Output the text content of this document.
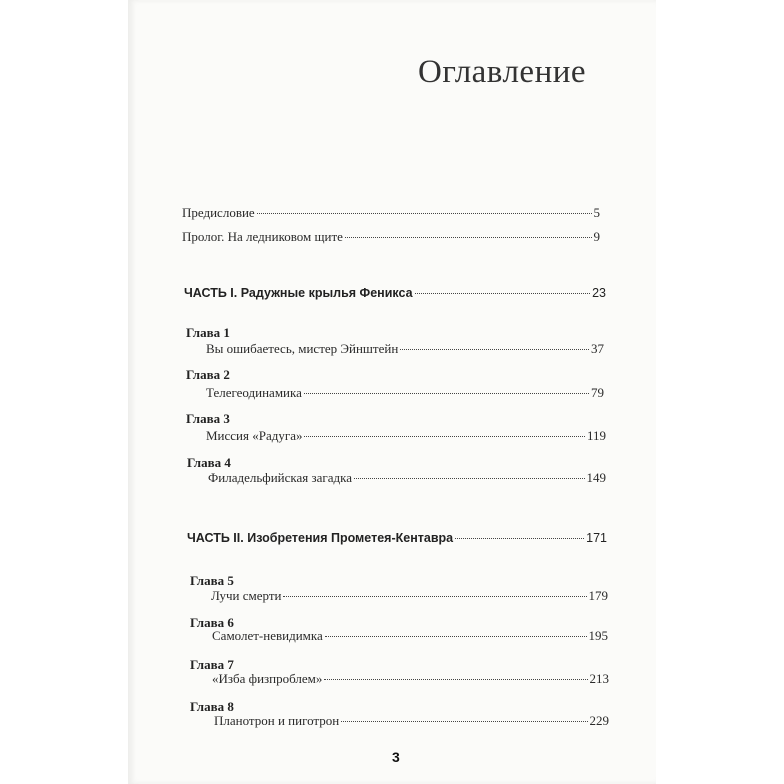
Оглавление
Предисловие	5
Пролог. На ледниковом щите	9
ЧАСТЬ I.
Радужные крылья Феникса	23
Глава 1
Вы ошибаетесь, мистер Эйнштейн	37
Глава 2
Телегеодинамика	79
Глава 3
Миссия «Радуга»	119
Глава 4
Филадельфийская загадка	149
ЧАСТЬ II.
Изобретения Прометея-Кентавра	171
Глава 5
Лучи смерти	179
Глава 6
Самолет-невидимка	195
Глава 7
«Изба физпроблем»	213
Глава 8
Планотрон и пиготрон	229
3
